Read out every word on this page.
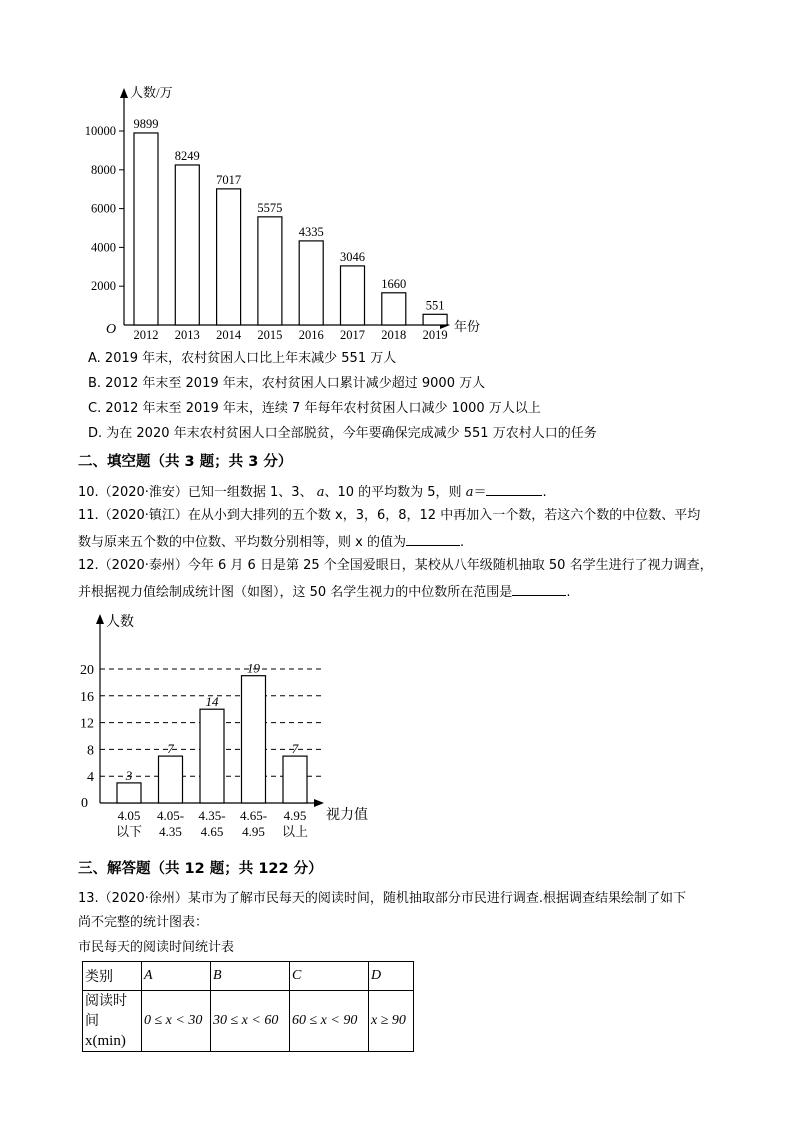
人数/万
年份
O
2000
4000
6000
8000
10000
9899
2012
8249
2013
7017
2014
5575
2015
4335
2016
3046
2017
1660
2018
551
2019
A. 2019 年末，农村贫困人口比上年末减少 551 万人
B. 2012 年末至 2019 年末，农村贫困人口累计减少超过 9000 万人
C. 2012 年末至 2019 年末，连续 7 年每年农村贫困人口减少 1000 万人以上
D. 为在 2020 年末农村贫困人口全部脱贫，今年要确保完成减少 551 万农村人口的任务
二、填空题（共 3 题；共 3 分）
10.（2020·淮安）已知一组数据 1、3、 a、10 的平均数为 5，则 a＝	.
11.（2020·镇江）在从小到大排列的五个数 x，3，6，8，12 中再加入一个数，若这六个数的中位数、平均
数与原来五个数的中位数、平均数分别相等，则 x 的值为	.
12.（2020·泰州）今年 6 月 6 日是第 25 个全国爱眼日，某校从八年级随机抽取 50 名学生进行了视力调查，
并根据视力值绘制成统计图（如图），这 50 名学生视力的中位数所在范围是	.
人数
视力值
0
4
8
12
16
20
3
4.05
以下
7
4.05-
4.35
14
4.35-
4.65
19
4.65-
4.95
7
4.95
以上
三、解答题（共 12 题；共 122 分）
13.（2020·徐州）某市为了解市民每天的阅读时间，随机抽取部分市民进行调查.根据调查结果绘制了如下
尚不完整的统计图表：
市民每天的阅读时间统计表
类别	A	B	C	D

阅读时间
x(min)	0 ≤ x < 30	30 ≤ x < 60	60 ≤ x < 90	x ≥ 90
